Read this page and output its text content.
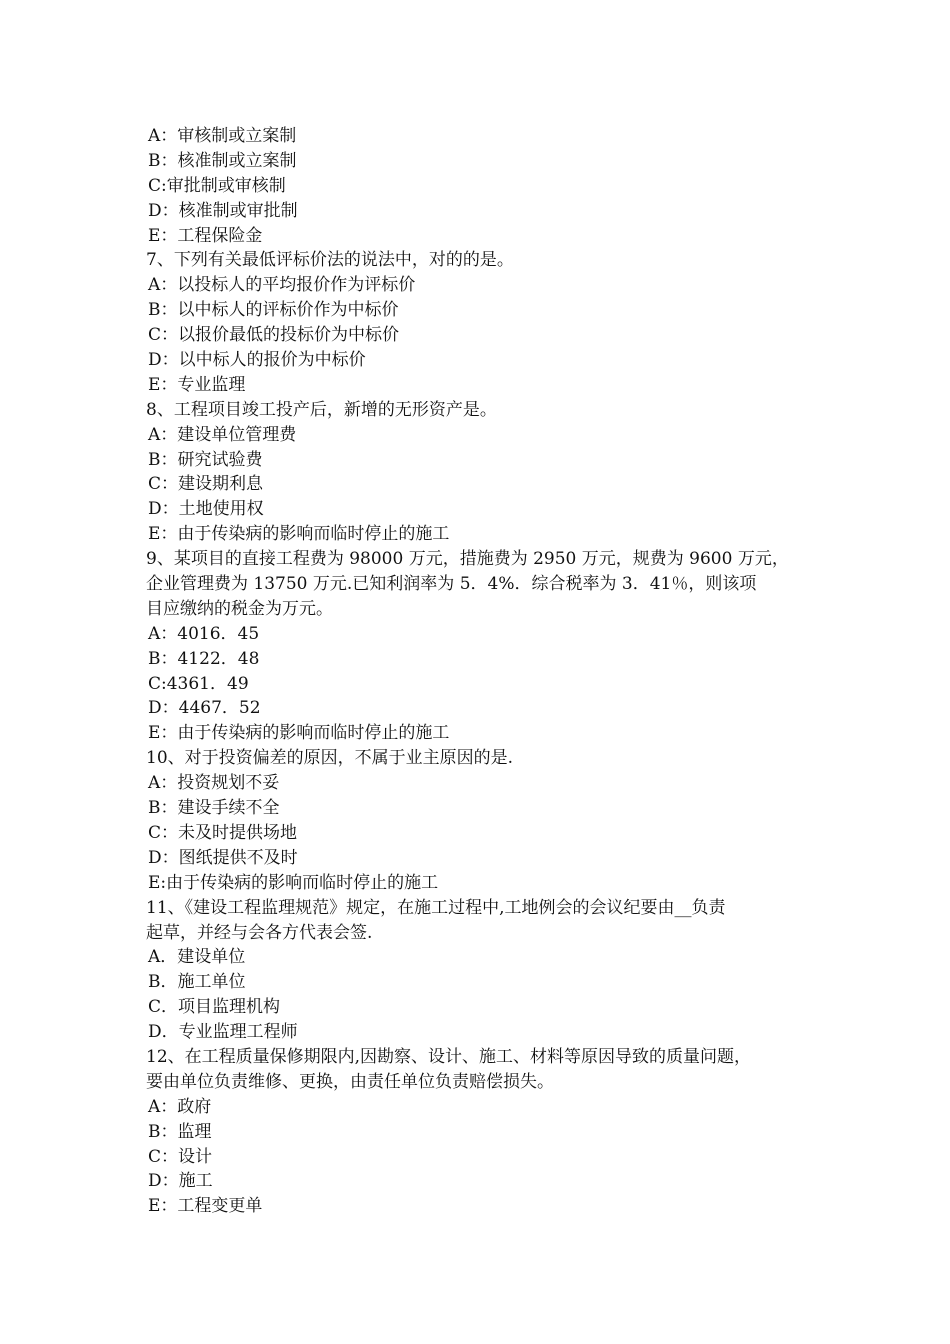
A：审核制或立案制
B：核准制或立案制
C:审批制或审核制
D：核准制或审批制
E：工程保险金
7、下列有关最低评标价法的说法中，对的的是。
A：以投标人的平均报价作为评标价
B：以中标人的评标价作为中标价
C：以报价最低的投标价为中标价
D：以中标人的报价为中标价
E：专业监理
8、工程项目竣工投产后，新增的无形资产是。
A：建设单位管理费
B：研究试验费
C：建设期利息
D：土地使用权
E：由于传染病的影响而临时停止的施工
9、某项目的直接工程费为 98000 万元，措施费为 2950 万元，规费为 9600 万元，
企业管理费为 13750 万元.已知利润率为 5．4%．综合税率为 3．41％，则该项
目应缴纳的税金为万元。
A：4016．45
B：4122．48
C:4361．49
D：4467．52
E：由于传染病的影响而临时停止的施工
10、对于投资偏差的原因，不属于业主原因的是.
A：投资规划不妥
B：建设手续不全
C：未及时提供场地
D：图纸提供不及时
E:由于传染病的影响而临时停止的施工
11、《建设工程监理规范》规定，在施工过程中,工地例会的会议纪要由__负责
起草，并经与会各方代表会签.
A．建设单位
B．施工单位
C．项目监理机构
D．专业监理工程师
12、在工程质量保修期限内,因勘察、设计、施工、材料等原因导致的质量问题，
要由单位负责维修、更换，由责任单位负责赔偿损失。
A：政府
B：监理
C：设计
D：施工
E：工程变更单
